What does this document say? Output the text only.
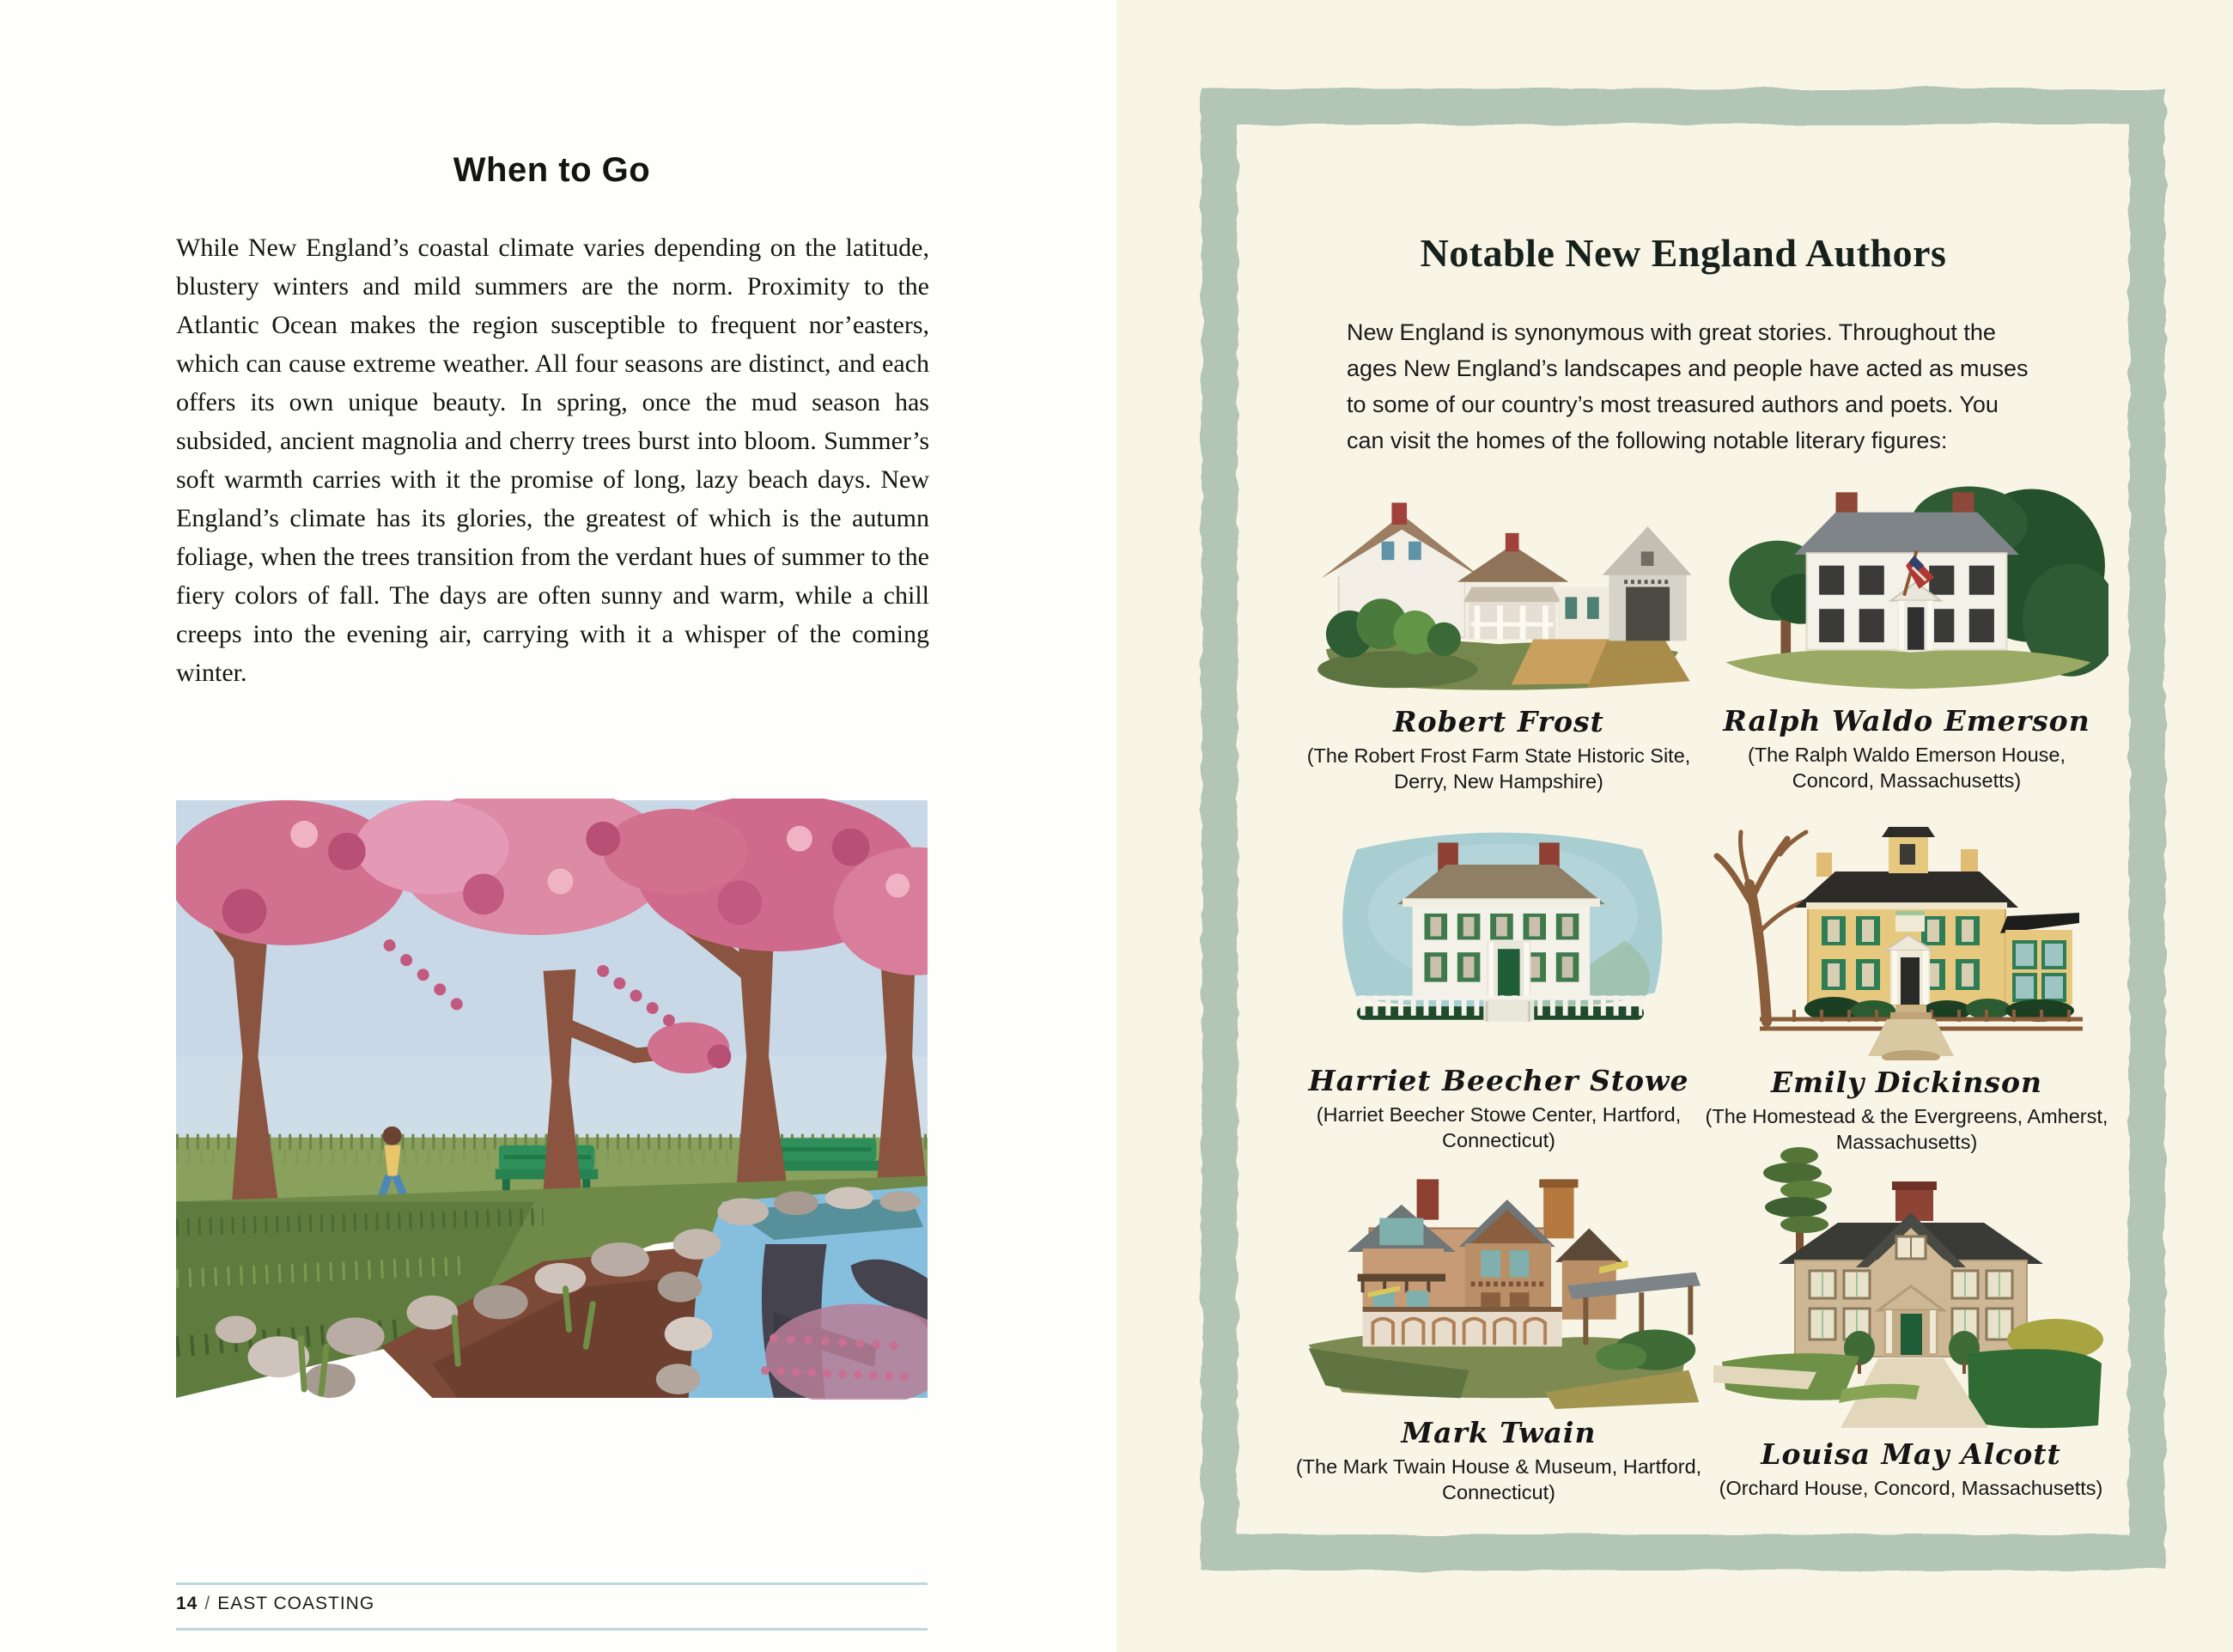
When to Go
While New England’s coastal climate varies depending on the latitude, blustery winters and mild summers are the norm. Proximity to the Atlantic Ocean makes the region susceptible to frequent nor’easters, which can cause extreme weather. All four seasons are distinct, and each offers its own unique beauty. In spring, once the mud season has subsided, ancient magnolia and cherry trees burst into bloom. Summer’s soft warmth carries with it the promise of long, lazy beach days. New England’s climate has its glories, the greatest of which is the autumn foliage, when the trees transition from the verdant hues of summer to the fiery colors of fall. The days are often sunny and warm, while a chill creeps into the evening air, carrying with it a whisper of the coming winter.
14 / EAST COASTING
Notable New England Authors
New England is synonymous with great stories. Throughout the ages New England’s landscapes and people have acted as muses to some of our country’s most treasured authors and poets. You can visit the homes of the following notable literary figures:
Robert Frost
(The Robert Frost Farm State Historic Site, Derry, New Hampshire)
Ralph Waldo Emerson
(The Ralph Waldo Emerson House, Concord, Massachusetts)
Harriet Beecher Stowe
(Harriet Beecher Stowe Center, Hartford, Connecticut)
Emily Dickinson
(The Homestead & the Evergreens, Amherst, Massachusetts)
Mark Twain
(The Mark Twain House & Museum, Hartford, Connecticut)
Louisa May Alcott
(Orchard House, Concord, Massachusetts)
